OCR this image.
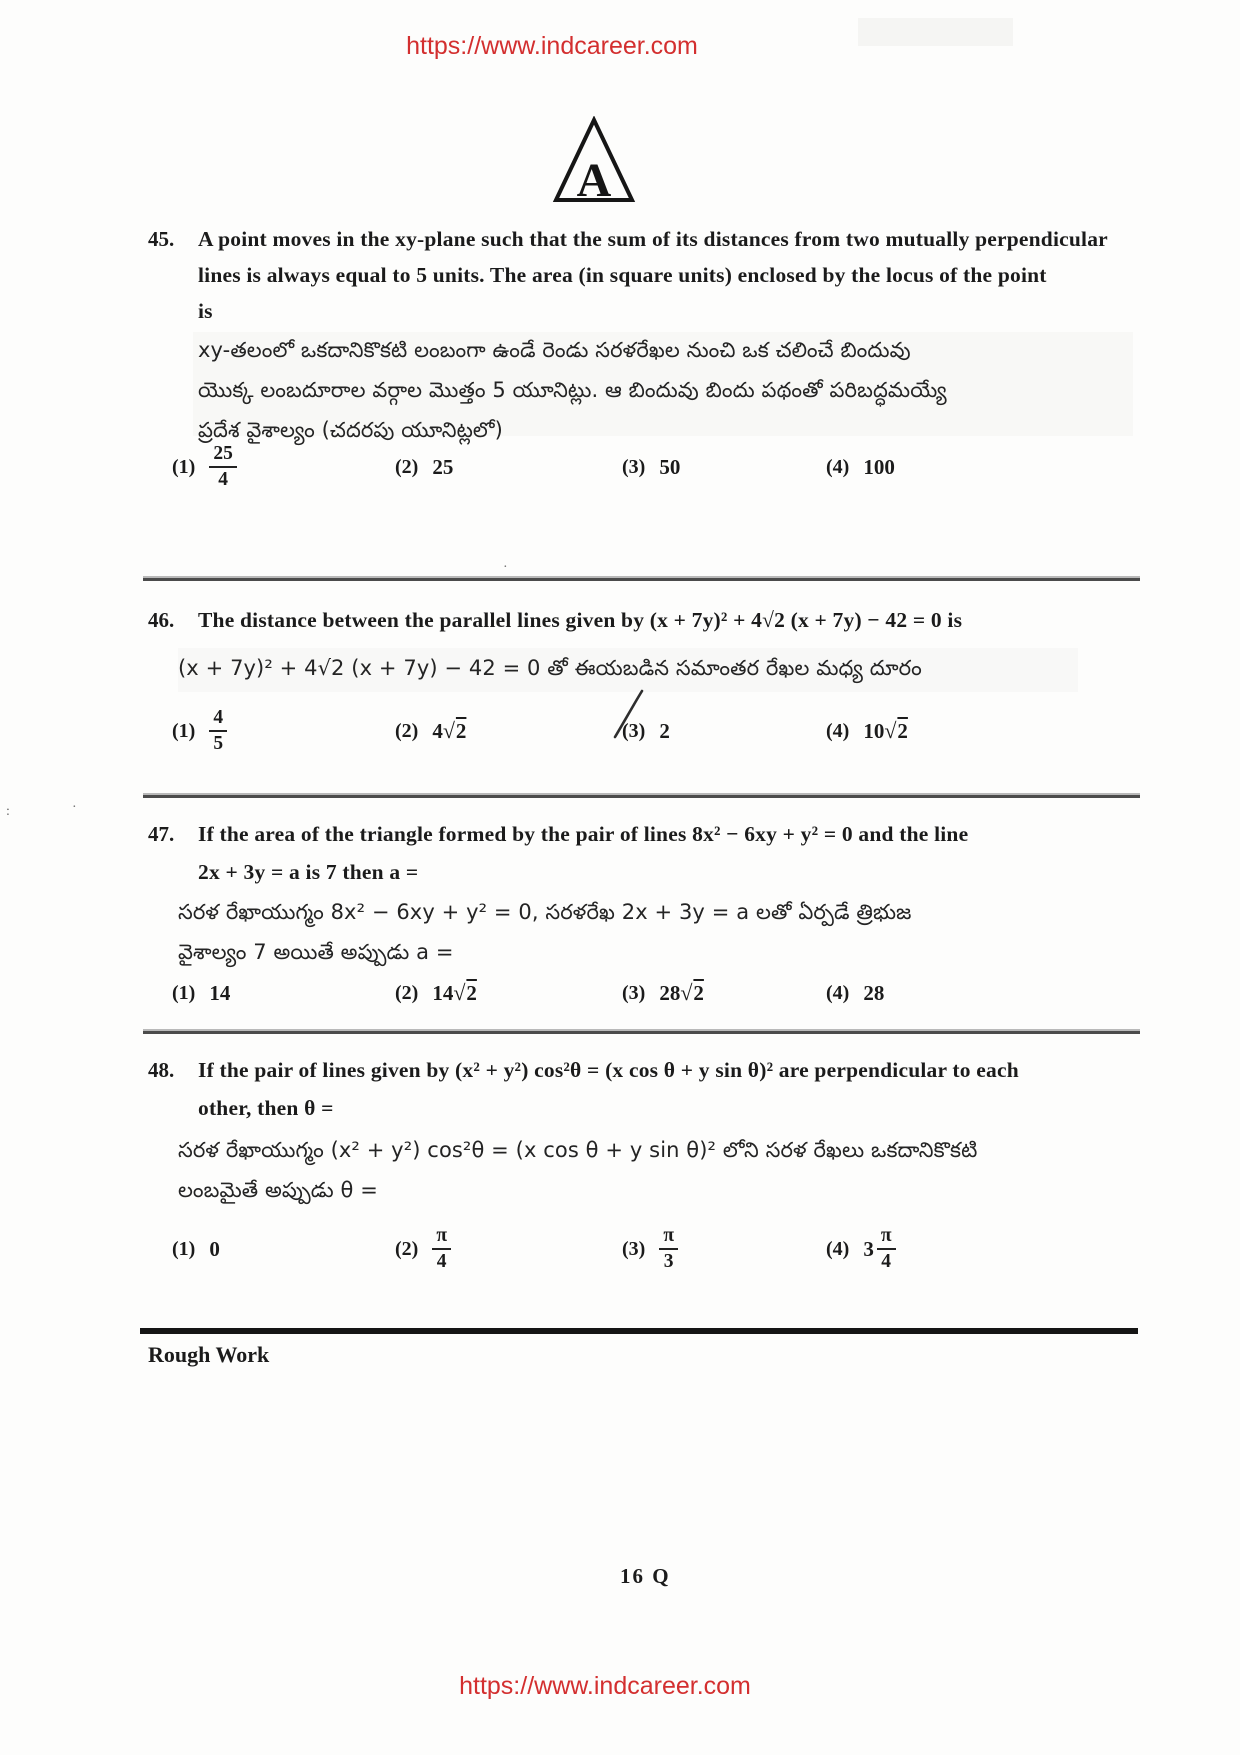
https://www.indcareer.com
A
45. A point moves in the xy-plane such that the sum of its distances from two mutually perpendicular
lines is always equal to 5 units. The area (in square units) enclosed by the locus of the point
is
xy-తలంలో ఒకదానికొకటి లంబంగా ఉండే రెండు సరళరేఖల నుంచి ఒక చలించే బిందువు
యొక్క లంబదూరాల వర్గాల మొత్తం 5 యూనిట్లు. ఆ బిందువు బిందు పథంతో పరిబద్ధమయ్యే
ప్రదేశ వైశాల్యం (చదరపు యూనిట్లలో)
$(1) \frac{25}{4}$	(2) 25	(3) 50	(4) 100
·
46. The distance between the parallel lines given by (x + 7y)² + 4√2 (x + 7y) − 42 = 0 is
(x + 7y)² + 4√2 (x + 7y) − 42 = 0 తో ఈయబడిన సమాంతర రేఖల మధ్య దూరం
$(1) \frac{4}{5}$	(2) 4 √ 2	(3) 2	(4) 10 √ 2
:	·
47. If the area of the triangle formed by the pair of lines 8x² − 6xy + y² = 0 and the line
2x + 3y = a is 7 then a =
సరళ రేఖాయుగ్మం 8x² − 6xy + y² = 0, సరళరేఖ 2x + 3y = a లతో ఏర్పడే త్రిభుజ
వైశాల్యం 7 అయితే అప్పుడు a =
(1) 14	(2) 14 √ 2	(3) 28 √ 2	(4) 28
48. If the pair of lines given by (x² + y²) cos²θ = (x cos θ + y sin θ)² are perpendicular to each
other, then θ =
సరళ రేఖాయుగ్మం (x² + y²) cos²θ = (x cos θ + y sin θ)² లోని సరళ రేఖలు ఒకదానికొకటి
లంబమైతే అప్పుడు θ =
(1) 0	$(2) \frac{\pi}{4}$	$(3) \frac{\pi}{3}$	(4) $3 \frac{\pi}{4}$
Rough Work
16 Q
https://www.indcareer.com
